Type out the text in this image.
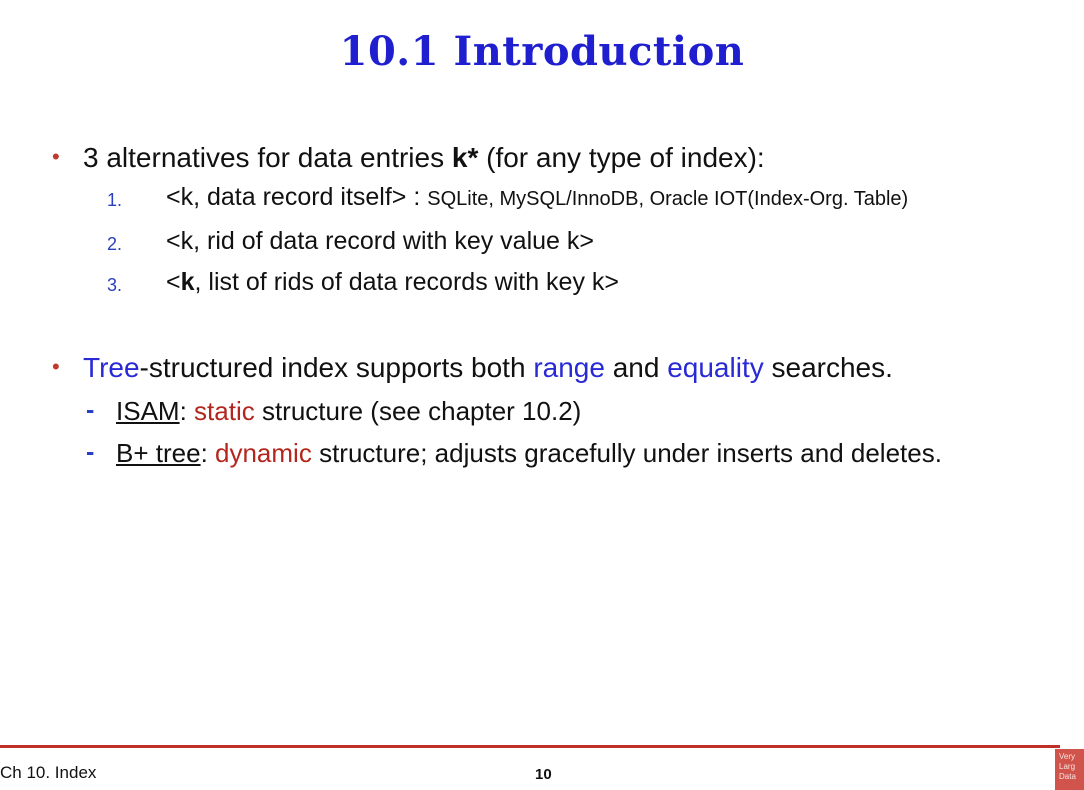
10.1 Introduction
• 3 alternatives for data entries k* (for any type of index):
1. <k, data record itself> : SQLite, MySQL/InnoDB, Oracle IOT(Index-Org. Table)
2. <k, rid of data record with key value k>
3. <k, list of rids of data records with key k>
• Tree-structured index supports both range and equality searches.
- ISAM: static structure (see chapter 10.2)
- B+ tree: dynamic structure; adjusts gracefully under inserts and deletes.
Ch 10. Index	10
Very
Larg
Data
